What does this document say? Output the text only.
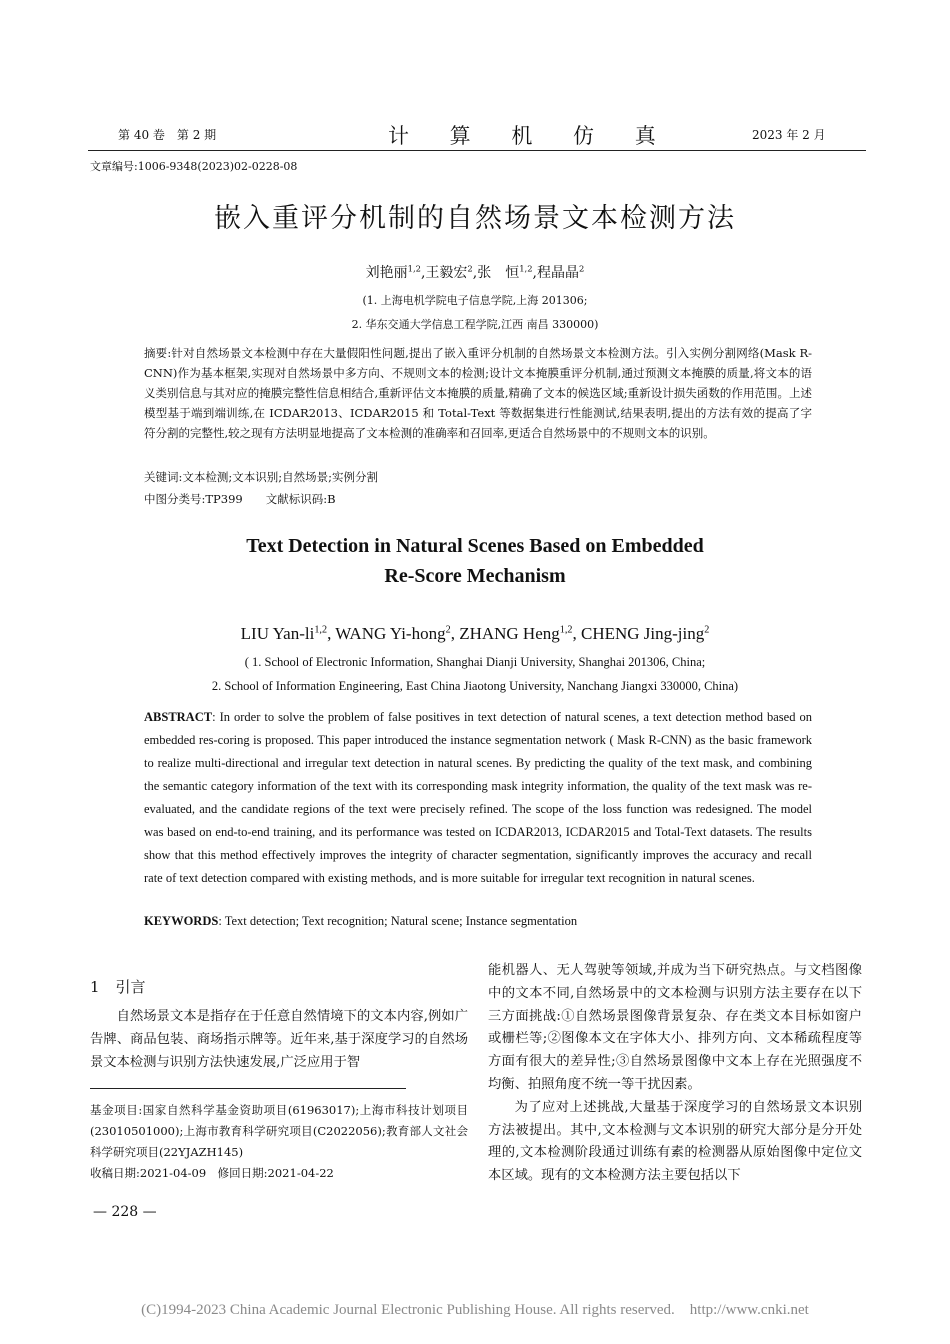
第 40 卷　第 2 期	计 算 机 仿 真	2023 年 2 月
文章编号:1006-9348(2023)02-0228-08
嵌入重评分机制的自然场景文本检测方法
刘艳丽$^{1,2}$,王毅宏$^2$,张　恒$^{1,2}$,程晶晶$^2$
(1. 上海电机学院电子信息学院,上海 201306;
2. 华东交通大学信息工程学院,江西 南昌 330000)
摘要:针对自然场景文本检测中存在大量假阳性问题,提出了嵌入重评分机制的自然场景文本检测方法。引入实例分割网络(Mask R-CNN)作为基本框架,实现对自然场景中多方向、不规则文本的检测;设计文本掩膜重评分机制,通过预测文本掩膜的质量,将文本的语义类别信息与其对应的掩膜完整性信息相结合,重新评估文本掩膜的质量,精确了文本的候选区域;重新设计损失函数的作用范围。上述模型基于端到端训练,在 ICDAR2013、ICDAR2015 和 Total-Text 等数据集进行性能测试,结果表明,提出的方法有效的提高了字符分割的完整性,较之现有方法明显地提高了文本检测的准确率和召回率,更适合自然场景中的不规则文本的识别。
关键词:文本检测;文本识别;自然场景;实例分割
中图分类号:TP399　　文献标识码:B
Text Detection in Natural Scenes Based on Embedded
Re-Score Mechanism
LIU Yan-li$^{1,2}$, WANG Yi-hong$^2$, ZHANG Heng$^{1,2}$, CHENG Jing-jing$^2$
( 1. School of Electronic Information, Shanghai Dianji University, Shanghai 201306, China;
2. School of Information Engineering, East China Jiaotong University, Nanchang Jiangxi 330000, China)
ABSTRACT: In order to solve the problem of false positives in text detection of natural scenes, a text detection method based on embedded res-coring is proposed. This paper introduced the instance segmentation network ( Mask R-CNN) as the basic framework to realize multi-directional and irregular text detection in natural scenes. By predicting the quality of the text mask, and combining the semantic category information of the text with its corresponding mask integrity information, the quality of the text mask was re-evaluated, and the candidate regions of the text were precisely refined. The scope of the loss function was redesigned. The model was based on end-to-end training, and its performance was tested on ICDAR2013, ICDAR2015 and Total-Text datasets. The results show that this method effectively improves the integrity of character segmentation, significantly improves the accuracy and recall rate of text detection compared with existing methods, and is more suitable for irregular text recognition in natural scenes.
KEYWORDS: Text detection; Text recognition; Natural scene; Instance segmentation
1 引言

自然场景文本是指存在于任意自然情境下的文本内容,例如广告牌、商品包装、商场指示牌等。近年来,基于深度学习的自然场景文本检测与识别方法快速发展,广泛应用于智

基金项目:国家自然科学基金资助项目(61963017);上海市科技计划项目(23010501000);上海市教育科学研究项目(C2022056);教育部人文社会科学研究项目(22YJAZH145)

收稿日期:2021-04-09　修回日期:2021-04-22

能机器人、无人驾驶等领域,并成为当下研究热点。与文档图像中的文本不同,自然场景中的文本检测与识别方法主要存在以下三方面挑战:①自然场景图像背景复杂、存在类文本目标如窗户或栅栏等;②图像本文在字体大小、排列方向、文本稀疏程度等方面有很大的差异性;③自然场景图像中文本上存在光照强度不均衡、拍照角度不统一等干扰因素。

为了应对上述挑战,大量基于深度学习的自然场景文本识别方法被提出。其中,文本检测与文本识别的研究大部分是分开处理的,文本检测阶段通过训练有素的检测器从原始图像中定位文本区域。现有的文本检测方法主要包括以下

— 228 —
(C)1994-2023 China Academic Journal Electronic Publishing House. All rights reserved.　http://www.cnki.net
